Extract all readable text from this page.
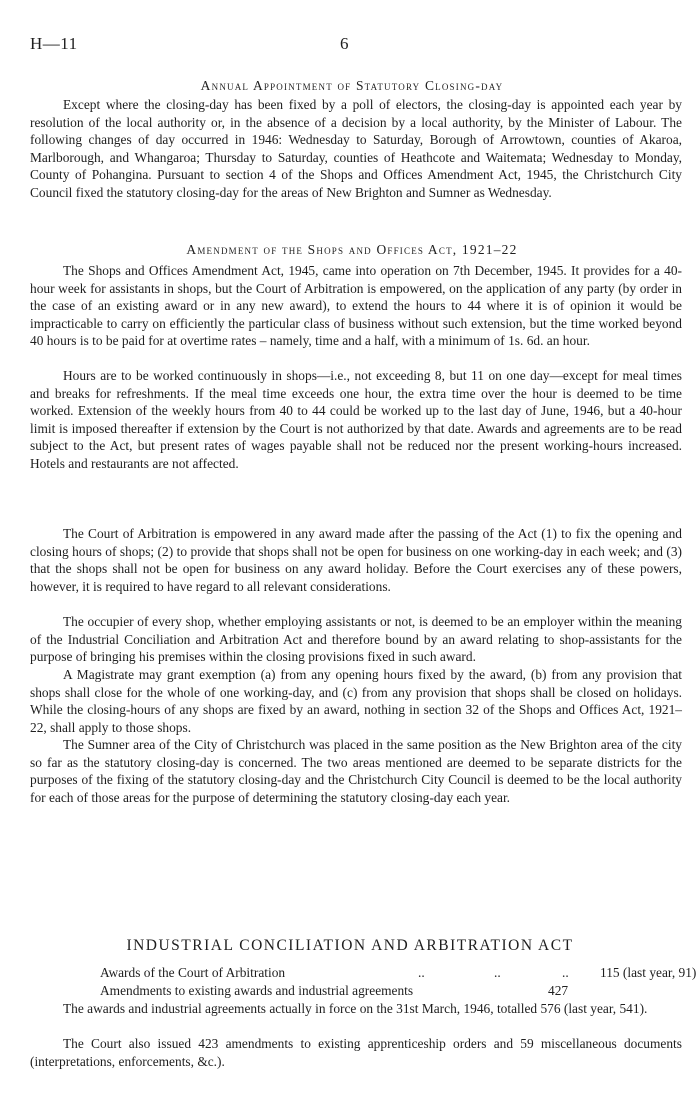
H—11	6
Annual Appointment of Statutory Closing-day

Except where the closing-day has been fixed by a poll of electors, the closing-day is appointed each year by resolution of the local authority or, in the absence of a decision by a local authority, by the Minister of Labour. The following changes of day occurred in 1946: Wednesday to Saturday, Borough of Arrowtown, counties of Akaroa, Marlborough, and Whangaroa; Thursday to Saturday, counties of Heathcote and Waitemata; Wednesday to Monday, County of Pohangina. Pursuant to section 4 of the Shops and Offices Amendment Act, 1945, the Christchurch City Council fixed the statutory closing-day for the areas of New Brighton and Sumner as Wednesday.

Amendment of the Shops and Offices Act, 1921–22

The Shops and Offices Amendment Act, 1945, came into operation on 7th December, 1945. It provides for a 40-hour week for assistants in shops, but the Court of Arbitration is empowered, on the application of any party (by order in the case of an existing award or in any new award), to extend the hours to 44 where it is of opinion it would be impracticable to carry on efficiently the particular class of business without such extension, but the time worked beyond 40 hours is to be paid for at overtime rates – namely, time and a half, with a minimum of 1s. 6d. an hour.

Hours are to be worked continuously in shops—i.e., not exceeding 8, but 11 on one day—except for meal times and breaks for refreshments. If the meal time exceeds one hour, the extra time over the hour is deemed to be time worked. Extension of the weekly hours from 40 to 44 could be worked up to the last day of June, 1946, but a 40-hour limit is imposed thereafter if extension by the Court is not authorized by that date. Awards and agreements are to be read subject to the Act, but present rates of wages payable shall not be reduced nor the present working-hours increased. Hotels and restaurants are not affected.

The Court of Arbitration is empowered in any award made after the passing of the Act (1) to fix the opening and closing hours of shops; (2) to provide that shops shall not be open for business on one working-day in each week; and (3) that the shops shall not be open for business on any award holiday. Before the Court exercises any of these powers, however, it is required to have regard to all relevant considerations.

The occupier of every shop, whether employing assistants or not, is deemed to be an employer within the meaning of the Industrial Conciliation and Arbitration Act and therefore bound by an award relating to shop-assistants for the purpose of bringing his premises within the closing provisions fixed in such award.

A Magistrate may grant exemption (a) from any opening hours fixed by the award, (b) from any provision that shops shall close for the whole of one working-day, and (c) from any provision that shops shall be closed on holidays. While the closing-hours of any shops are fixed by an award, nothing in section 32 of the Shops and Offices Act, 1921–22, shall apply to those shops.

The Sumner area of the City of Christchurch was placed in the same position as the New Brighton area of the city so far as the statutory closing-day is concerned. The two areas mentioned are deemed to be separate districts for the purposes of the fixing of the statutory closing-day and the Christchurch City Council is deemed to be the local authority for each of those areas for the purpose of determining the statutory closing-day each year.

INDUSTRIAL CONCILIATION AND ARBITRATION ACT
Awards of the Court of Arbitration	..	..	.. 115 (last year, 91)
Amendments to existing awards and industrial agreements	427

The awards and industrial agreements actually in force on the 31st March, 1946, totalled 576 (last year, 541).

The Court also issued 423 amendments to existing apprenticeship orders and 59 miscellaneous documents (interpretations, enforcements, &c.).
